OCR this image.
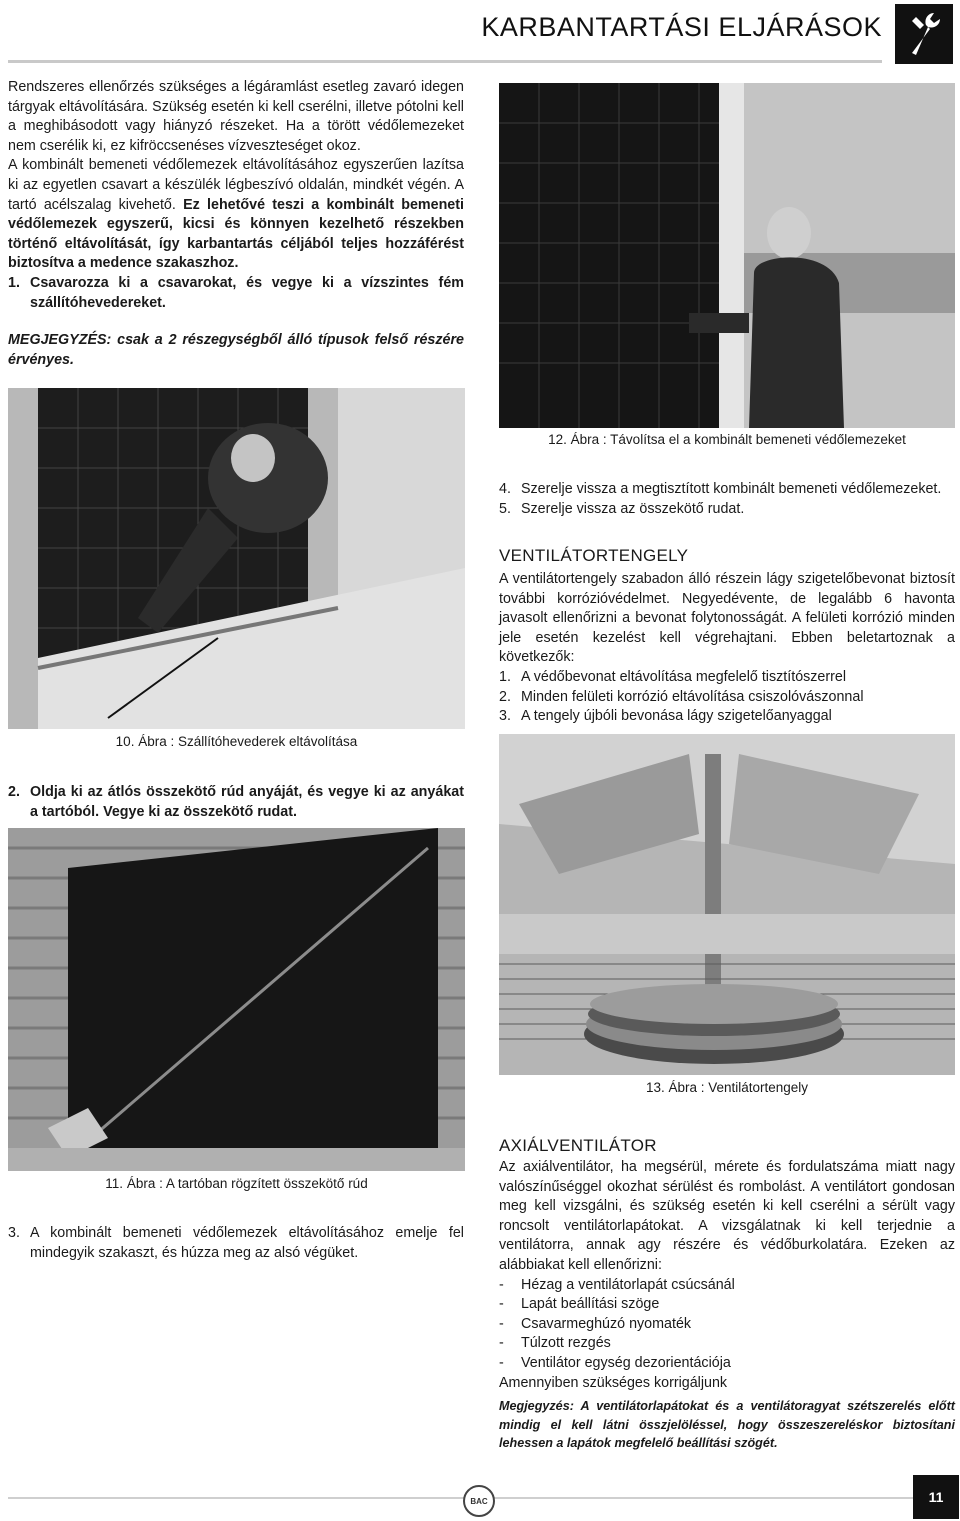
KARBANTARTÁSI ELJÁRÁSOK

Rendszeres ellenőrzés szükséges a légáramlást esetleg zavaró idegen tárgyak eltávolítására. Szükség esetén ki kell cserélni, illetve pótolni kell a meghibásodott vagy hiányzó részeket. Ha a törött védőlemezeket nem cserélik ki, ez kifröccsenéses vízveszteséget okoz.

A kombinált bemeneti védőlemezek eltávolításához egyszerűen lazítsa ki az egyetlen csavart a készülék légbeszívó oldalán, mindkét végén. A tartó acélszalag kivehető. Ez lehetővé teszi a kombinált bemeneti védőlemezek egyszerű, kicsi és könnyen kezelhető részekben történő eltávolítását, így karbantartás céljából teljes hozzáférést biztosítva a medence szakaszhoz.

1. Csavarozza ki a csavarokat, és vegye ki a vízszintes fém szállítóhevedereket.

MEGJEGYZÉS: csak a 2 részegységből álló típusok felső részére érvényes.

10. Ábra : Szállítóhevederek eltávolítása
2. Oldja ki az átlós összekötő rúd anyáját, és vegye ki az anyákat a tartóból. Vegye ki az összekötő rudat.
11. Ábra : A tartóban rögzített összekötő rúd
3. A kombinált bemeneti védőlemezek eltávolításához emelje fel mindegyik szakaszt, és húzza meg az alsó végüket.
12. Ábra : Távolítsa el a kombinált bemeneti védőlemezeket
4. Szerelje vissza a megtisztított kombinált bemeneti védőlemezeket.
5. Szerelje vissza az összekötő rudat.
VENTILÁTORTENGELY

A ventilátortengely szabadon álló részein lágy szigetelőbevonat biztosít további korrózióvédelmet. Negyedévente, de legalább 6 havonta javasolt ellenőrizni a bevonat folytonosságát. A felületi korrózió minden jele esetén kezelést kell végrehajtani. Ebben beletartoznak a következők:

1. A védőbevonat eltávolítása megfelelő tisztítószerrel
2. Minden felületi korrózió eltávolítása csiszolóvászonnal
3. A tengely újbóli bevonása lágy szigetelőanyaggal
13. Ábra : Ventilátortengely
AXIÁLVENTILÁTOR

Az axiálventilátor, ha megsérül, mérete és fordulatszáma miatt nagy valószínűséggel okozhat sérülést és rombolást. A ventilátort gondosan meg kell vizsgálni, és szükség esetén ki kell cserélni a sérült vagy roncsolt ventilátorlapátokat. A vizsgálatnak ki kell terjednie a ventilátorra, annak agy részére és védőburkolatára. Ezeken az alábbiakat kell ellenőrizni:

-	Hézag a ventilátorlapát csúcsánál
-	Lapát beállítási szöge
-	Csavarmeghúzó nyomaték
-	Túlzott rezgés
-	Ventilátor egység dezorientációja

Amennyiben szükséges korrigáljunk

Megjegyzés: A ventilátorlapátokat és a ventilátoragyat szétszerelés előtt mindig el kell látni összjelöléssel, hogy összeszereléskor biztosítani lehessen a lapátok megfelelő beállítási szögét.

BAC	11
